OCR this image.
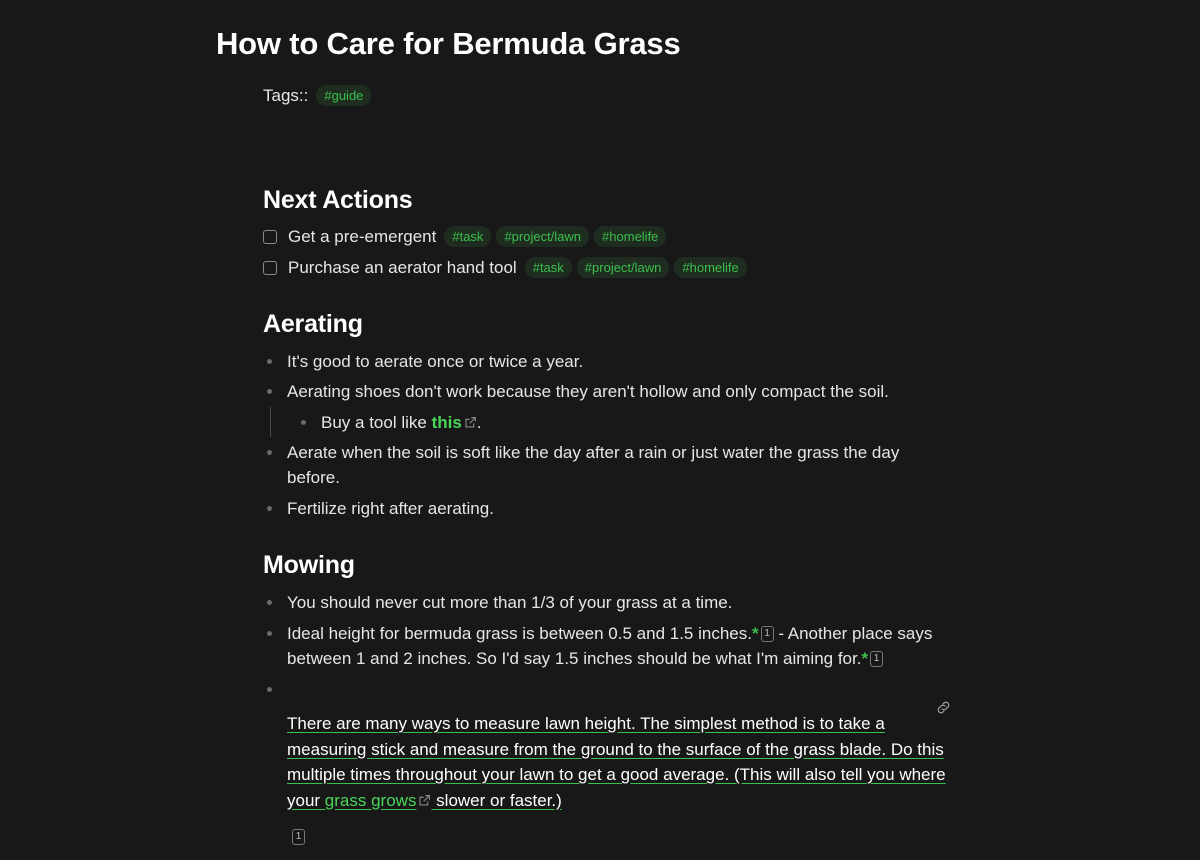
How to Care for Bermuda Grass
Tags::	#guide
Next Actions
Get a pre-emergent	#task	#project/lawn	#homelife
Purchase an aerator hand tool	#task	#project/lawn	#homelife
Aerating
It's good to aerate once or twice a year.
Aerating shoes don't work because they aren't hollow and only compact the soil.
Buy a tool like this .
Aerate when the soil is soft like the day after a rain or just water the grass the day before.
Fertilize right after aerating.
Mowing
You should never cut more than 1/3 of your grass at a time.
Ideal height for bermuda grass is between 0.5 and 1.5 inches.* 1 - Another place says between 1 and 2 inches. So I'd say 1.5 inches should be what I'm aiming for.* 1
There are many ways to measure lawn height. The simplest method is to take a measuring stick and measure from the ground to the surface of the grass blade. Do this multiple times throughout your lawn to get a good average. (This will also tell you where your grass grows slower or faster.)
1
